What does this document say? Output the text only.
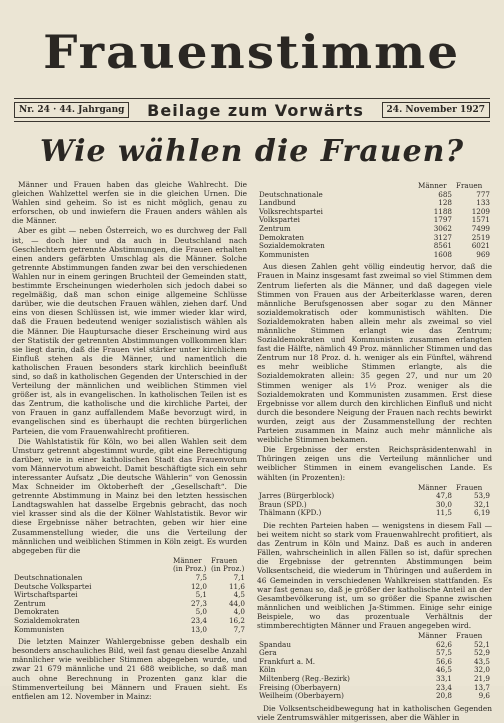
Frauenstimme
Nr. 24 · 44. Jahrgang	Beilage zum Vorwärts	24. November 1927
Wie wählen die Frauen?

Männer und Frauen haben das gleiche Wahlrecht. Die gleichen Wahlzettel werfen sie in die gleichen Urnen. Die Wahlen sind geheim. So ist es nicht möglich, genau zu erforschen, ob und inwiefern die Frauen anders wählen als die Männer.

Aber es gibt — neben Österreich, wo es durchweg der Fall ist, — doch hier und da auch in Deutschland nach Geschlechtern getrennte Abstimmungen, die Frauen erhalten einen anders gefärbten Umschlag als die Männer. Solche getrennte Abstimmungen fanden zwar bei den verschiedenen Wahlen nur in einem geringen Bruchteil der Gemeinden statt, bestimmte Erscheinungen wiederholen sich jedoch dabei so regelmäßig, daß man schon einige allgemeine Schlüsse darüber, wie die deutschen Frauen wählen, ziehen darf. Und eins von diesen Schlüssen ist, wie immer wieder klar wird, daß die Frauen bedeutend weniger sozialistisch wählen als die Männer. Die Hauptursache dieser Erscheinung wird aus der Statistik der getrennten Abstimmungen vollkommen klar: sie liegt darin, daß die Frauen viel stärker unter kirchlichem Einfluß stehen als die Männer, und namentlich die katholischen Frauen besonders stark kirchlich beeinflußt sind, so daß in katholischen Gegenden der Unterschied in der Verteilung der männlichen und weiblichen Stimmen viel größer ist, als in evangelischen. In katholischen Teilen ist es das Zentrum, die katholische und die kirchliche Partei, der von Frauen in ganz auffallendem Maße bevorzugt wird, in evangelischen sind es überhaupt die rechten bürgerlichen Parteien, die vom Frauenwahlrecht profitieren.

Die Wahlstatistik für Köln, wo bei allen Wahlen seit dem Umsturz getrennt abgestimmt wurde, gibt eine Berechtigung darüber, wie in einer katholischen Stadt das Frauenvotum vom Männervotum abweicht. Damit beschäftigte sich ein sehr interessanter Aufsatz „Die deutsche Wählerin“ von Genossin Max Schneider im Oktoberheft der „Gesellschaft“. Die getrennte Abstimmung in Mainz bei den letzten hessischen Landtagswahlen hat dasselbe Ergebnis gebracht, das noch viel krasser sind als die der Kölner Wahlstatistik. Bevor wir diese Ergebnisse näher betrachten, geben wir hier eine Zusammenstellung wieder, die uns die Verteilung der männlichen und weiblichen Stimmen in Köln zeigt. Es wurden abgegeben für die

	Männer (in Proz.)	Frauen (in Proz.)
Deutschnationalen	7,5	7,1
Deutsche Volkspartei	12,0	11,6
Wirtschaftspartei	5,1	4,5
Zentrum	27,3	44,0
Demokraten	5,0	4,0
Sozialdemokraten	23,4	16,2
Kommunisten	13,0	7,7

Die letzten Mainzer Wahlergebnisse geben deshalb ein besonders anschauliches Bild, weil fast genau dieselbe Anzahl männlicher wie weiblicher Stimmen abgegeben wurde, und zwar 21 679 männliche und 21 688 weibliche, so daß man auch ohne Berechnung in Prozenten ganz klar die Stimmenverteilung bei Männern und Frauen sieht. Es entfielen am 12. November in Mainz:

	Männer	Frauen
Deutschnationale	685	777
Landbund	128	133
Volksrechtspartei	1188	1209
Volkspartei	1797	1571
Zentrum	3062	7499
Demokraten	3127	2519
Sozialdemokraten	8561	6021
Kommunisten	1608	969

Aus diesen Zahlen geht völlig eindeutig hervor, daß die Frauen in Mainz insgesamt fast zweimal so viel Stimmen dem Zentrum lieferten als die Männer, und daß dagegen viele Stimmen von Frauen aus der Arbeiterklasse waren, deren männliche Berufsgenossen aber sogar zu den Männer sozialdemokratisch oder kommunistisch wählten. Die Sozialdemokraten haben allein mehr als zweimal so viel männliche Stimmen erlangt wie das Zentrum; Sozialdemokraten und Kommunisten zusammen erlangten fast die Hälfte, nämlich 49 Proz. männlicher Stimmen und das Zentrum nur 18 Proz. d. h. weniger als ein Fünftel, während es mehr weibliche Stimmen erlangte, als die Sozialdemokraten allein: 35 gegen 27, und nur um 20 Stimmen weniger als 1½ Proz. weniger als die Sozialdemokraten und Kommunisten zusammen. Erst diese Ergebnisse vor allem durch den kirchlichen Einfluß und nicht durch die besondere Neigung der Frauen nach rechts bewirkt wurden, zeigt aus der Zusammenstellung der rechten Parteien zusammen in Mainz auch mehr männliche als weibliche Stimmen bekamen.

Die Ergebnisse der ersten Reichspräsidentenwahl in Thüringen zeigen uns die Verteilung männlicher und weiblicher Stimmen in einem evangelischen Lande. Es wählten (in Prozenten):

	Männer	Frauen
Jarres (Bürgerblock)	47,8	53,9
Braun (SPD.)	30,0	32,1
Thälmann (KPD.)	11,5	6,19

Die rechten Parteien haben — wenigstens in diesem Fall — bei weitem nicht so stark vom Frauenwahlrecht profitiert, als das Zentrum in Köln und Mainz. Daß es auch in anderen Fällen, wahrscheinlich in allen Fällen so ist, dafür sprechen die Ergebnisse der getrennten Abstimmungen beim Volksentscheid, die wiederum in Thüringen und außerdem in 46 Gemeinden in verschiedenen Wahlkreisen stattfanden. Es war fast genau so, daß je größer der katholische Anteil an der Gesamtbevölkerung ist, um so größer die Spanne zwischen männlichen und weiblichen Ja-Stimmen. Einige sehr einige Beispiele, wo das prozentuale Verhältnis der stimmberechtigten Männer und Frauen angegeben wird.

	Männer	Frauen
Spandau	62,6	52,1
Gera	57,5	52,9
Frankfurt a. M.	56,6	43,5
Köln	46,5	32,0
Miltenberg (Reg.-Bezirk)	33,1	21,9
Freising (Oberbayern)	23,4	13,7
Weilheim (Oberbayern)	20,8	9,6

Die Volksentscheidbewegung hat in katholischen Gegenden viele Zentrumswähler mitgerissen, aber die Wähler in
